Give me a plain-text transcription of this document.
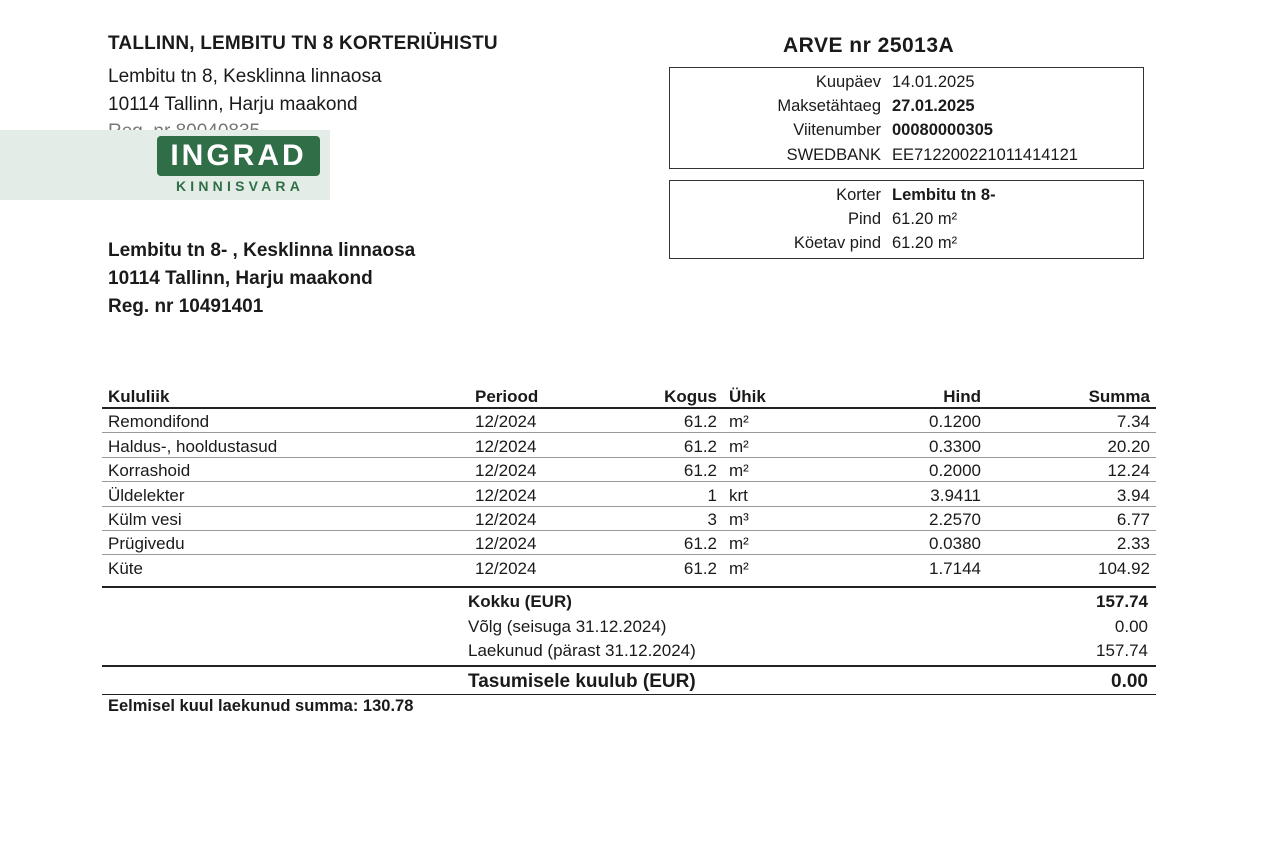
TALLINN, LEMBITU TN 8 KORTERIÜHISTU
Lembitu tn 8, Kesklinna linnaosa
10114 Tallinn, Harju maakond
INGRAD
KINNISVARA
Lembitu tn 8- , Kesklinna linnaosa
10114 Tallinn, Harju maakond
Reg. nr 10491401
ARVE nr 25013A
Kuupäev 14.01.2025
Maksetähtaeg 27.01.2025
Viitenumber 00080000305
SWEDBANK EE712200221011414121
Korter Lembitu tn 8-
Pind 61.20 m²
Köetav pind 61.20 m²
Kululiik	Periood	Kogus	Ühik	Hind	Summa
Remondifond	12/2024	61.2	m²	0.1200	7.34
Haldus-, hooldustasud	12/2024	61.2	m²	0.3300	20.20
Korrashoid	12/2024	61.2	m²	0.2000	12.24
Üldelekter	12/2024	1	krt	3.9411	3.94
Külm vesi	12/2024	3	m³	2.2570	6.77
Prügivedu	12/2024	61.2	m²	0.0380	2.33
Küte	12/2024	61.2	m²	1.7144	104.92
Kokku (EUR)	157.74
Võlg (seisuga 31.12.2024)	0.00
Laekunud (pärast 31.12.2024)	157.74
Tasumisele kuulub (EUR)	0.00
Eelmisel kuul laekunud summa: 130.78
